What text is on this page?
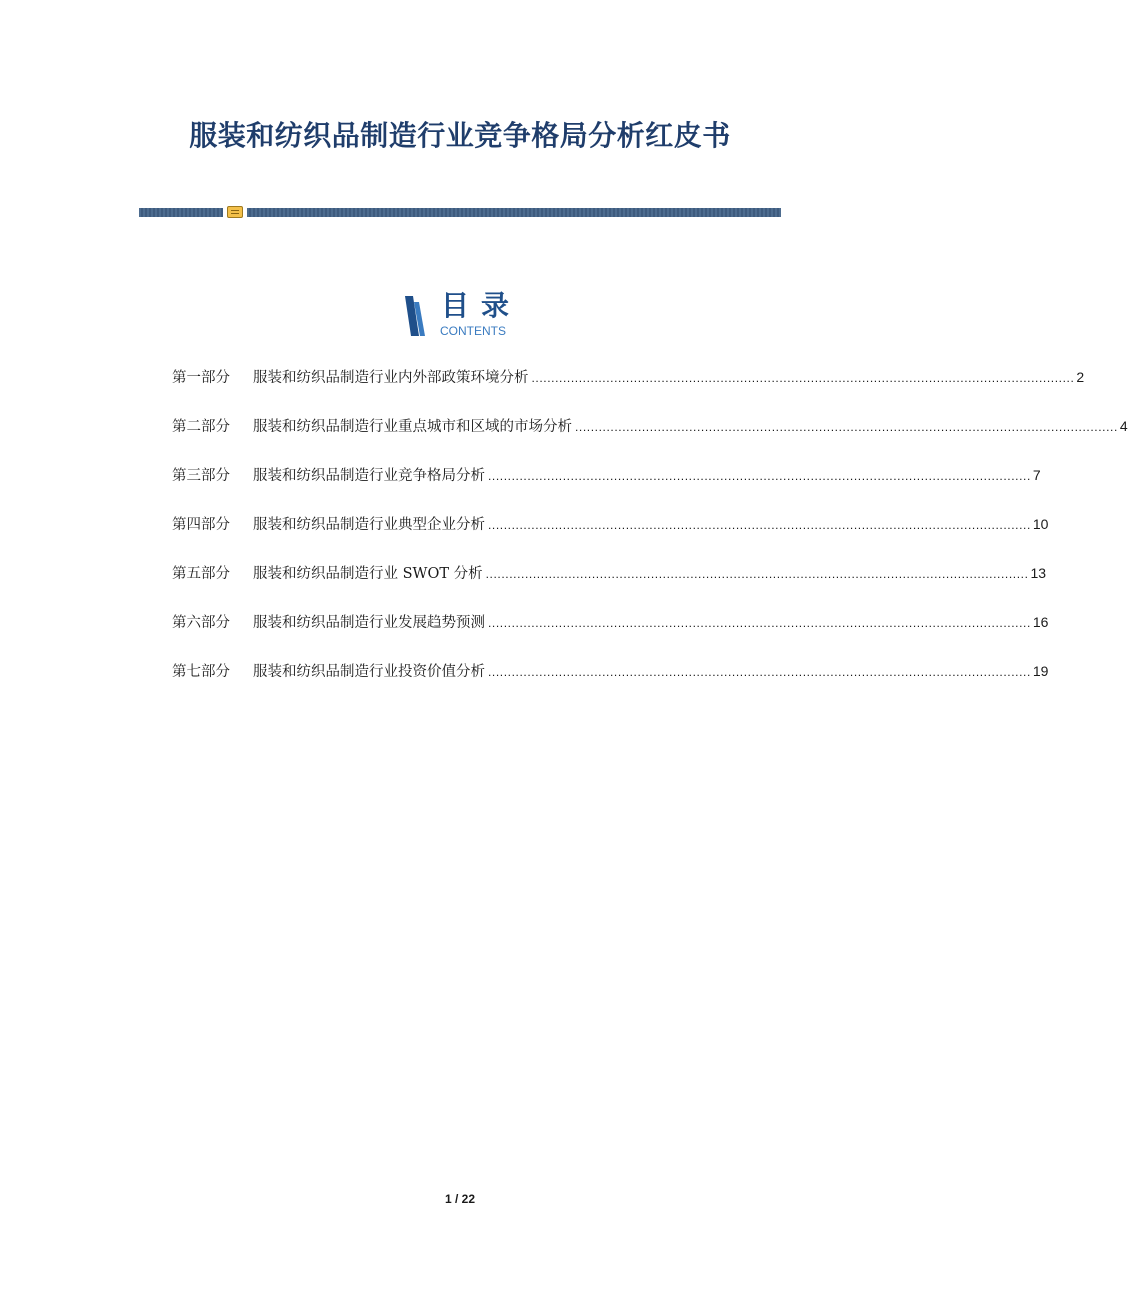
服装和纺织品制造行业竞争格局分析红皮书
目录
CONTENTS
第一部分	服装和纺织品制造行业内外部政策环境分析 .......................................................................................................................................... 2
第二部分	服装和纺织品制造行业重点城市和区域的市场分析 .......................................................................................................................................... 4
第三部分	服装和纺织品制造行业竞争格局分析 .......................................................................................................................................... 7
第四部分	服装和纺织品制造行业典型企业分析 .......................................................................................................................................... 10
第五部分	服装和纺织品制造行业 SWOT 分析 .......................................................................................................................................... 13
第六部分	服装和纺织品制造行业发展趋势预测 .......................................................................................................................................... 16
第七部分	服装和纺织品制造行业投资价值分析 .......................................................................................................................................... 19
1 / 22
